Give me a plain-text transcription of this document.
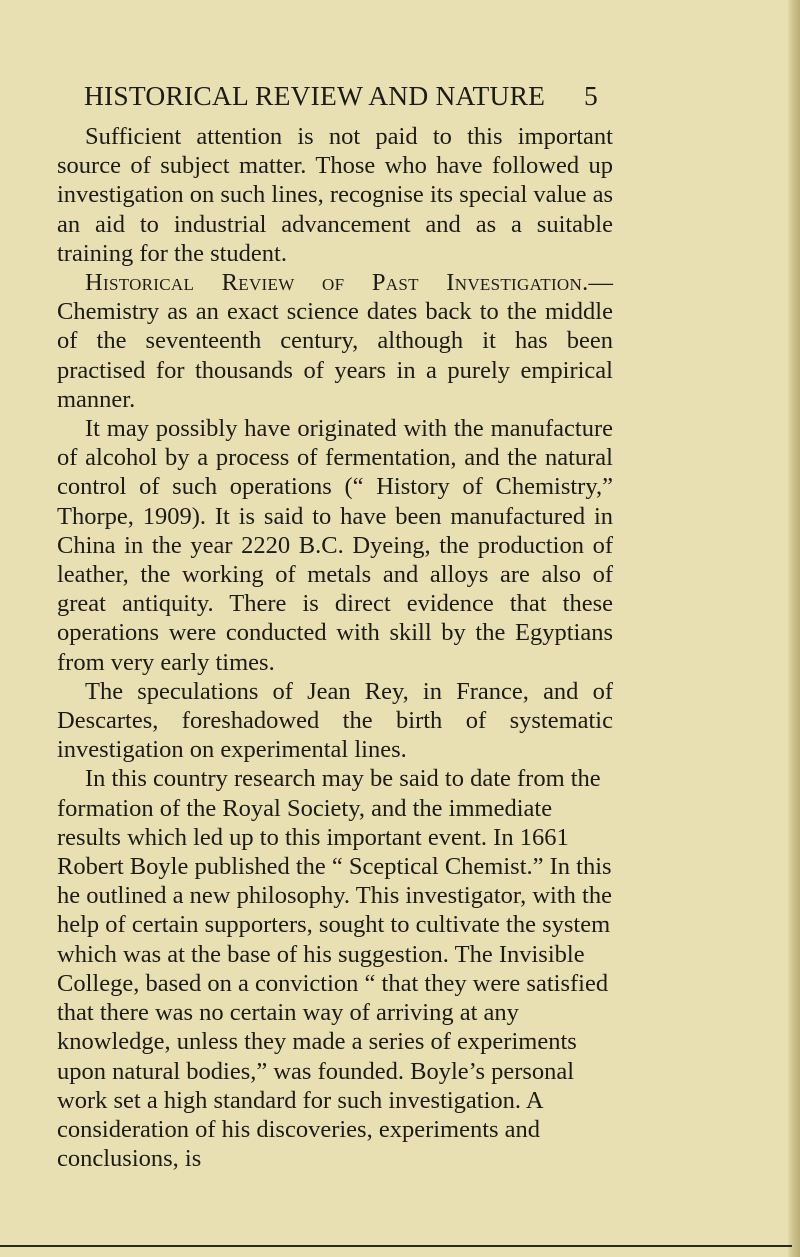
HISTORICAL REVIEW AND NATURE 5

Sufficient attention is not paid to this important source of subject matter. Those who have followed up investigation on such lines, recognise its special value as an aid to industrial advancement and as a suitable training for the student.

Historical Review of Past Investigation.— Chemistry as an exact science dates back to the middle of the seventeenth century, although it has been practised for thousands of years in a purely empirical manner.

It may possibly have originated with the manufacture of alcohol by a process of fermentation, and the natural control of such operations (“ History of Chemistry,” Thorpe, 1909). It is said to have been manufactured in China in the year 2220 B.C. Dyeing, the production of leather, the working of metals and alloys are also of great antiquity. There is direct evidence that these operations were conducted with skill by the Egyptians from very early times.

The speculations of Jean Rey, in France, and of Descartes, foreshadowed the birth of systematic investigation on experimental lines.

In this country research may be said to date from the formation of the Royal Society, and the immediate results which led up to this important event. In 1661 Robert Boyle published the “ Sceptical Chemist.” In this he outlined a new philosophy. This investigator, with the help of certain supporters, sought to cultivate the system which was at the base of his suggestion. The Invisible College, based on a conviction “ that they were satisfied that there was no certain way of arriving at any knowledge, unless they made a series of experiments upon natural bodies,” was founded. Boyle’s personal work set a high standard for such investigation. A consideration of his discoveries, experiments and conclusions, is
